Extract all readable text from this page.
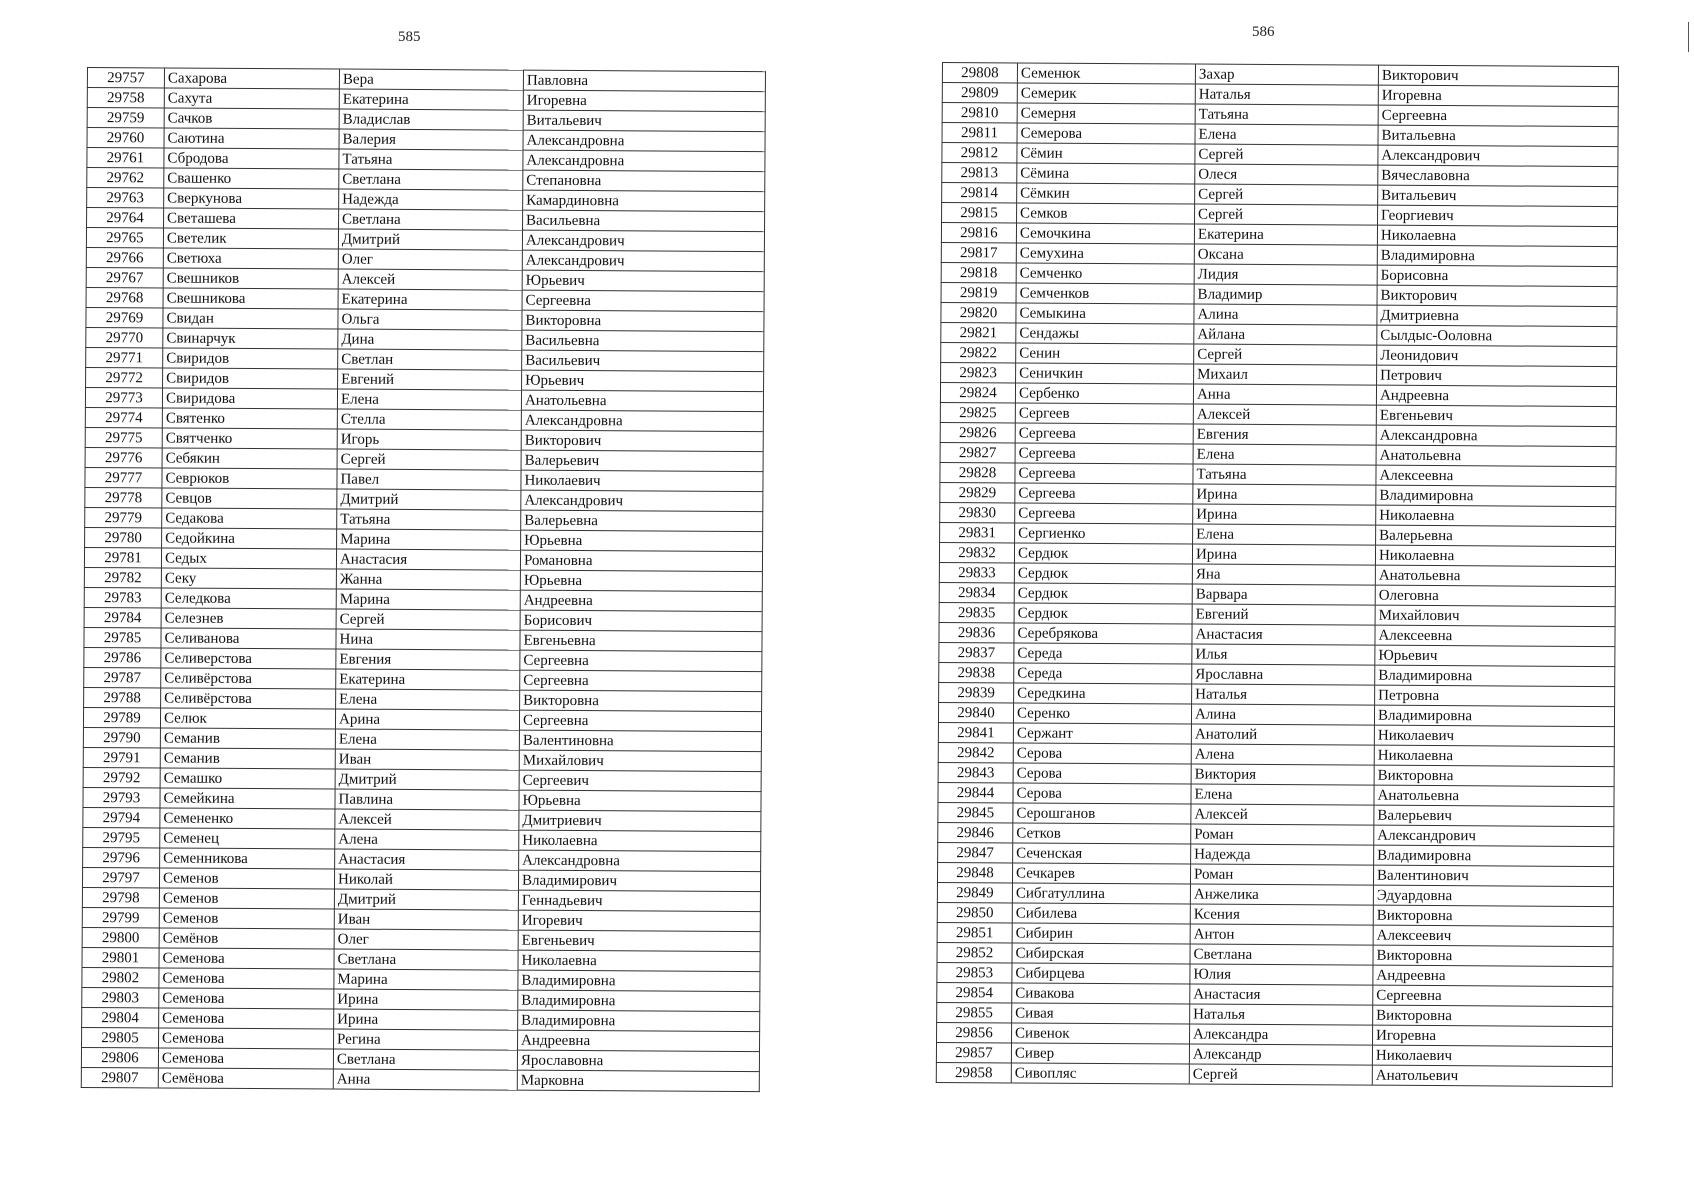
585	586
29757	Сахарова	Вера	Павловна
29758	Сахута	Екатерина	Игоревна
29759	Сачков	Владислав	Витальевич
29760	Саютина	Валерия	Александровна
29761	Сбродова	Татьяна	Александровна
29762	Свашенко	Светлана	Степановна
29763	Сверкунова	Надежда	Камардиновна
29764	Светашева	Светлана	Васильевна
29765	Светелик	Дмитрий	Александрович
29766	Светюха	Олег	Александрович
29767	Свешников	Алексей	Юрьевич
29768	Свешникова	Екатерина	Сергеевна
29769	Свидан	Ольга	Викторовна
29770	Свинарчук	Дина	Васильевна
29771	Свиридов	Светлан	Васильевич
29772	Свиридов	Евгений	Юрьевич
29773	Свиридова	Елена	Анатольевна
29774	Святенко	Стелла	Александровна
29775	Святченко	Игорь	Викторович
29776	Себякин	Сергей	Валерьевич
29777	Севрюков	Павел	Николаевич
29778	Севцов	Дмитрий	Александрович
29779	Седакова	Татьяна	Валерьевна
29780	Седойкина	Марина	Юрьевна
29781	Седых	Анастасия	Романовна
29782	Секу	Жанна	Юрьевна
29783	Селедкова	Марина	Андреевна
29784	Селезнев	Сергей	Борисович
29785	Селиванова	Нина	Евгеньевна
29786	Селиверстова	Евгения	Сергеевна
29787	Селивёрстова	Екатерина	Сергеевна
29788	Селивёрстова	Елена	Викторовна
29789	Селюк	Арина	Сергеевна
29790	Семанив	Елена	Валентиновна
29791	Семанив	Иван	Михайлович
29792	Семашко	Дмитрий	Сергеевич
29793	Семейкина	Павлина	Юрьевна
29794	Семененко	Алексей	Дмитриевич
29795	Семенец	Алена	Николаевна
29796	Семенникова	Анастасия	Александровна
29797	Семенов	Николай	Владимирович
29798	Семенов	Дмитрий	Геннадьевич
29799	Семенов	Иван	Игоревич
29800	Семёнов	Олег	Евгеньевич
29801	Семенова	Светлана	Николаевна
29802	Семенова	Марина	Владимировна
29803	Семенова	Ирина	Владимировна
29804	Семенова	Ирина	Владимировна
29805	Семенова	Регина	Андреевна
29806	Семенова	Светлана	Ярославовна
29807	Семёнова	Анна	Марковна
29808	Семенюк	Захар	Викторович
29809	Семерик	Наталья	Игоревна
29810	Семерня	Татьяна	Сергеевна
29811	Семерова	Елена	Витальевна
29812	Сёмин	Сергей	Александрович
29813	Сёмина	Олеся	Вячеславовна
29814	Сёмкин	Сергей	Витальевич
29815	Семков	Сергей	Георгиевич
29816	Семочкина	Екатерина	Николаевна
29817	Семухина	Оксана	Владимировна
29818	Семченко	Лидия	Борисовна
29819	Семченков	Владимир	Викторович
29820	Семыкина	Алина	Дмитриевна
29821	Сендажы	Айлана	Сылдыс-Ооловна
29822	Сенин	Сергей	Леонидович
29823	Сеничкин	Михаил	Петрович
29824	Сербенко	Анна	Андреевна
29825	Сергеев	Алексей	Евгеньевич
29826	Сергеева	Евгения	Александровна
29827	Сергеева	Елена	Анатольевна
29828	Сергеева	Татьяна	Алексеевна
29829	Сергеева	Ирина	Владимировна
29830	Сергеева	Ирина	Николаевна
29831	Сергиенко	Елена	Валерьевна
29832	Сердюк	Ирина	Николаевна
29833	Сердюк	Яна	Анатольевна
29834	Сердюк	Варвара	Олеговна
29835	Сердюк	Евгений	Михайлович
29836	Серебрякова	Анастасия	Алексеевна
29837	Середа	Илья	Юрьевич
29838	Середа	Ярославна	Владимировна
29839	Середкина	Наталья	Петровна
29840	Серенко	Алина	Владимировна
29841	Сержант	Анатолий	Николаевич
29842	Серова	Алена	Николаевна
29843	Серова	Виктория	Викторовна
29844	Серова	Елена	Анатольевна
29845	Серошганов	Алексей	Валерьевич
29846	Сетков	Роман	Александрович
29847	Сеченская	Надежда	Владимировна
29848	Сечкарев	Роман	Валентинович
29849	Сибгатуллина	Анжелика	Эдуардовна
29850	Сибилева	Ксения	Викторовна
29851	Сибирин	Антон	Алексеевич
29852	Сибирская	Светлана	Викторовна
29853	Сибирцева	Юлия	Андреевна
29854	Сивакова	Анастасия	Сергеевна
29855	Сивая	Наталья	Викторовна
29856	Сивенок	Александра	Игоревна
29857	Сивер	Александр	Николаевич
29858	Сивопляс	Сергей	Анатольевич
